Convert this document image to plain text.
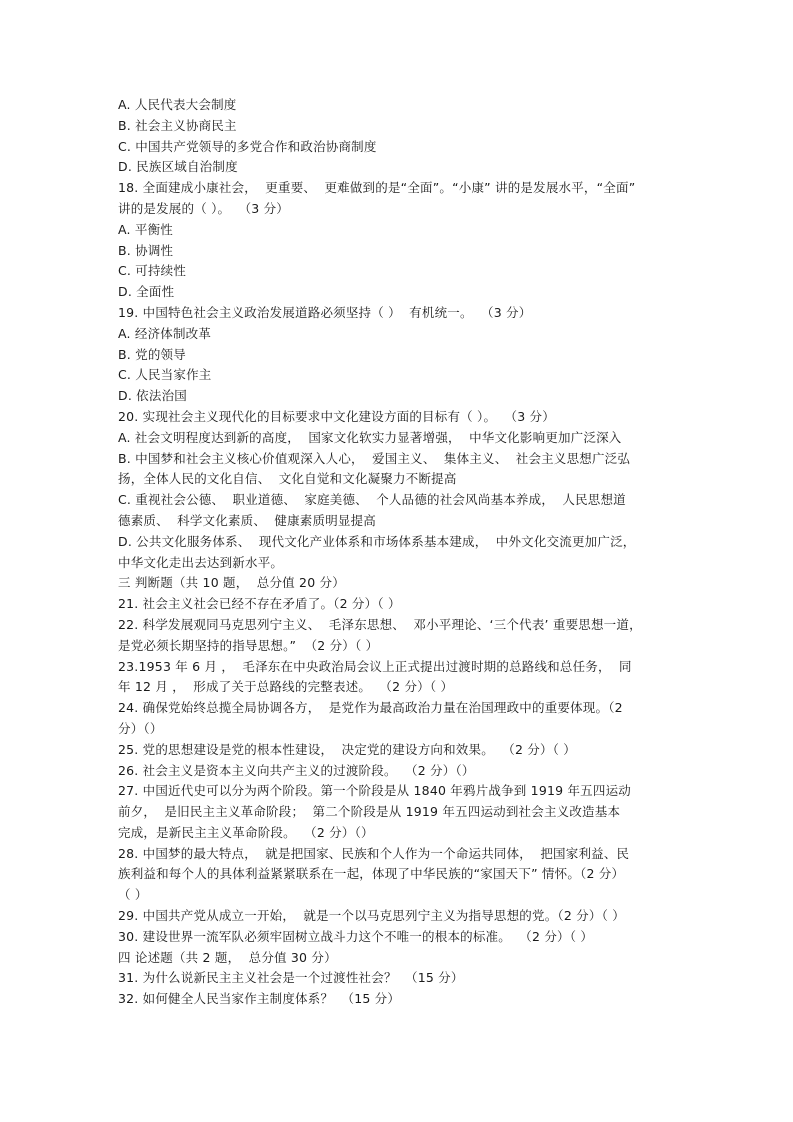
A. 人民代表大会制度
B. 社会主义协商民主
C. 中国共产党领导的多党合作和政治协商制度
D. 民族区域自治制度
18. 全面建成小康社会，  更重要、  更难做到的是“全面”。“小康” 讲的是发展水平，“全面”
讲的是发展的（ ）。  （3 分）
A. 平衡性
B. 协调性
C. 可持续性
D. 全面性
19. 中国特色社会主义政治发展道路必须坚持（ ）  有机统一。  （3 分）
A. 经济体制改革
B. 党的领导
C. 人民当家作主
D. 依法治国
20. 实现社会主义现代化的目标要求中文化建设方面的目标有（ ）。  （3 分）
A. 社会文明程度达到新的高度，  国家文化软实力显著增强，  中华文化影响更加广泛深入
B. 中国梦和社会主义核心价值观深入人心，  爱国主义、  集体主义、  社会主义思想广泛弘
扬，全体人民的文化自信、  文化自觉和文化凝聚力不断提高
C. 重视社会公德、  职业道德、  家庭美德、  个人品德的社会风尚基本养成，  人民思想道
德素质、  科学文化素质、  健康素质明显提高
D. 公共文化服务体系、  现代文化产业体系和市场体系基本建成，  中外文化交流更加广泛，
中华文化走出去达到新水平。
三 判断题（共 10 题，  总分值 20 分）
21. 社会主义社会已经不存在矛盾了。（2 分）（ ）
22. 科学发展观同马克思列宁主义、  毛泽东思想、  邓小平理论、‘三个代表’ 重要思想一道，
是党必须长期坚持的指导思想。”  （2 分）（ ）
23.1953 年 6 月 ，  毛泽东在中央政治局会议上正式提出过渡时期的总路线和总任务，  同
年 12 月 ，  形成了关于总路线的完整表述。  （2 分）（ ）
24. 确保党始终总揽全局协调各方，  是党作为最高政治力量在治国理政中的重要体现。（2
分）（）
25. 党的思想建设是党的根本性建设，  决定党的建设方向和效果。  （2 分）（ ）
26. 社会主义是资本主义向共产主义的过渡阶段。  （2 分）（）
27. 中国近代史可以分为两个阶段。第一个阶段是从 1840 年鸦片战争到 1919 年五四运动
前夕，  是旧民主主义革命阶段；  第二个阶段是从 1919 年五四运动到社会主义改造基本
完成，是新民主主义革命阶段。  （2 分）（）
28. 中国梦的最大特点，  就是把国家、民族和个人作为一个命运共同体，  把国家利益、民
族利益和每个人的具体利益紧紧联系在一起，体现了中华民族的“家国天下” 情怀。（2 分）
（ ）
29. 中国共产党从成立一开始，  就是一个以马克思列宁主义为指导思想的党。（2 分）（ ）
30. 建设世界一流军队必须牢固树立战斗力这个不唯一的根本的标准。  （2 分）（ ）
四 论述题（共 2 题，  总分值 30 分）
31. 为什么说新民主主义社会是一个过渡性社会？  （15 分）
32. 如何健全人民当家作主制度体系？  （15 分）
